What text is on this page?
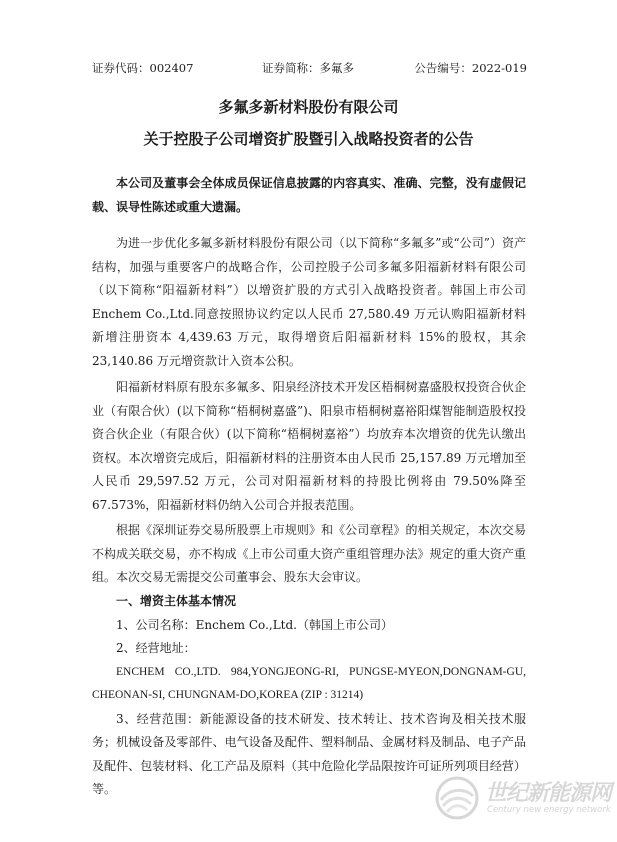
证券代码：002407	证券简称：多氟多	公告编号：2022-019
多氟多新材料股份有限公司
关于控股子公司增资扩股暨引入战略投资者的公告

本公司及董事会全体成员保证信息披露的内容真实、准确、完整，没有虚假记载、误导性陈述或重大遗漏。

为进一步优化多氟多新材料股份有限公司（以下简称“多氟多”或“公司”）资产结构，加强与重要客户的战略合作，公司控股子公司多氟多阳福新材料有限公司（以下简称“阳福新材料”）以增资扩股的方式引入战略投资者。韩国上市公司Enchem Co.,Ltd.同意按照协议约定以人民币 27,580.49 万元认购阳福新材料新增注册资本 4,439.63 万元，取得增资后阳福新材料 15%的股权，其余 23,140.86 万元增资款计入资本公积。

阳福新材料原有股东多氟多、阳泉经济技术开发区梧桐树嘉盛股权投资合伙企业（有限合伙）(以下简称“梧桐树嘉盛”)、阳泉市梧桐树嘉裕阳煤智能制造股权投资合伙企业（有限合伙）(以下简称“梧桐树嘉裕”）均放弃本次增资的优先认缴出资权。本次增资完成后，阳福新材料的注册资本由人民币 25,157.89 万元增加至人民币 29,597.52 万元，公司对阳福新材料的持股比例将由 79.50%降至67.573%，阳福新材料仍纳入公司合并报表范围。

根据《深圳证券交易所股票上市规则》和《公司章程》的相关规定，本次交易不构成关联交易，亦不构成《上市公司重大资产重组管理办法》规定的重大资产重组。本次交易无需提交公司董事会、股东大会审议。

一、增资主体基本情况

1、公司名称：Enchem Co.,Ltd.（韩国上市公司）

2、经营地址：

ENCHEM CO.,LTD. 984,YONGJEONG-RI, PUNGSE-MYEON,DONGNAM-GU, CHEONAN-SI, CHUNGNAM-DO,KOREA (ZIP : 31214)

3、经营范围：新能源设备的技术研发、技术转让、技术咨询及相关技术服务；机械设备及零部件、电气设备及配件、塑料制品、金属材料及制品、电子产品及配件、包装材料、化工产品及原料（其中危险化学品限按许可证所列项目经营）等。	世纪新能源网
Century new energy network
